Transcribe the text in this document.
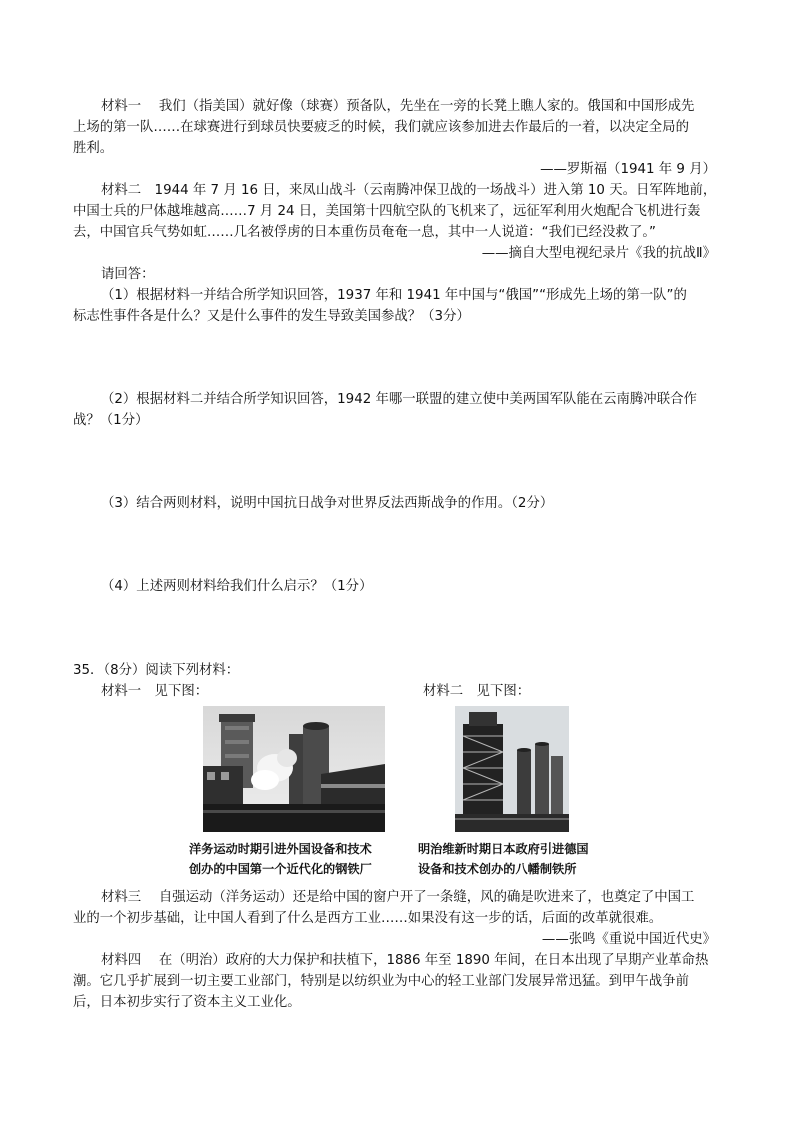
材料一　 我们（指美国）就好像（球赛）预备队，先坐在一旁的长凳上瞧人家的。俄国和中国形成先
上场的第一队……在球赛进行到球员快要疲乏的时候，我们就应该参加进去作最后的一着，以决定全局的
胜利。
——罗斯福（1941 年 9 月）
材料二　1944 年 7 月 16 日，来凤山战斗（云南腾冲保卫战的一场战斗）进入第 10 天。日军阵地前，
中国士兵的尸体越堆越高……7 月 24 日，美国第十四航空队的飞机来了，远征军利用火炮配合飞机进行轰
去，中国官兵气势如虹……几名被俘虏的日本重伤员奄奄一息，其中一人说道：“我们已经没救了。”
——摘自大型电视纪录片《我的抗战Ⅱ》
请回答：
（1）根据材料一并结合所学知识回答，1937 年和 1941 年中国与“俄国”“形成先上场的第一队”的
标志性事件各是什么？又是什么事件的发生导致美国参战？（3分）
（2）根据材料二并结合所学知识回答，1942 年哪一联盟的建立使中美两国军队能在云南腾冲联合作
战？（1分）
（3）结合两则材料，说明中国抗日战争对世界反法西斯战争的作用。（2分）
（4）上述两则材料给我们什么启示？（1分）
35．（8分）阅读下列材料：
材料一　见下图：	材料二　见下图：
洋务运动时期引进外国设备和技术
创办的中国第一个近代化的钢铁厂
明治维新时期日本政府引进德国
设备和技术创办的八幡制铁所
材料三　 自强运动（洋务运动）还是给中国的窗户开了一条缝，风的确是吹进来了，也奠定了中国工
业的一个初步基础，让中国人看到了什么是西方工业……如果没有这一步的话，后面的改革就很难。
——张鸣《重说中国近代史》
材料四　 在（明治）政府的大力保护和扶植下，1886 年至 1890 年间，在日本出现了早期产业革命热
潮。它几乎扩展到一切主要工业部门，特别是以纺织业为中心的轻工业部门发展异常迅猛。到甲午战争前
后，日本初步实行了资本主义工业化。
